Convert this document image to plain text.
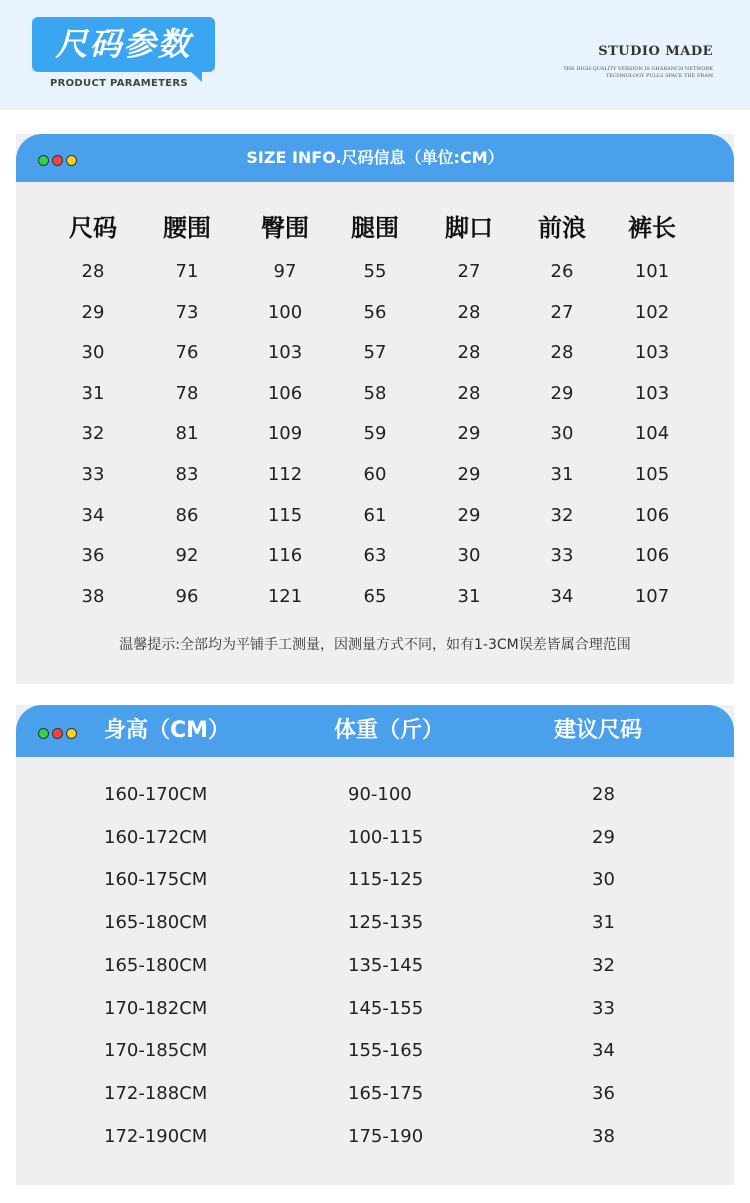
尺码参数
PRODUCT PARAMETERS
STUDIO MADE
THE HIGH-QUALITY VERSION IS GHARANCH NETWORK
TECHNOLOGY PULLS SPACE THE FRAM
SIZE INFO.尺码信息（单位:CM）
尺码	腰围	臀围	腿围	脚口	前浪	裤长
28	71	97	55	27	26	101
29	73	100	56	28	27	102
30	76	103	57	28	28	103
31	78	106	58	28	29	103
32	81	109	59	29	30	104
33	83	112	60	29	31	105
34	86	115	61	29	32	106
36	92	116	63	30	33	106
38	96	121	65	31	34	107
温馨提示:全部均为平铺手工测量，因测量方式不同，如有1-3CM误差皆属合理范围
身高（CM）	体重（斤）	建议尺码
160-170CM	90-100	28
160-172CM	100-115	29
160-175CM	115-125	30
165-180CM	125-135	31
165-180CM	135-145	32
170-182CM	145-155	33
170-185CM	155-165	34
172-188CM	165-175	36
172-190CM	175-190	38
